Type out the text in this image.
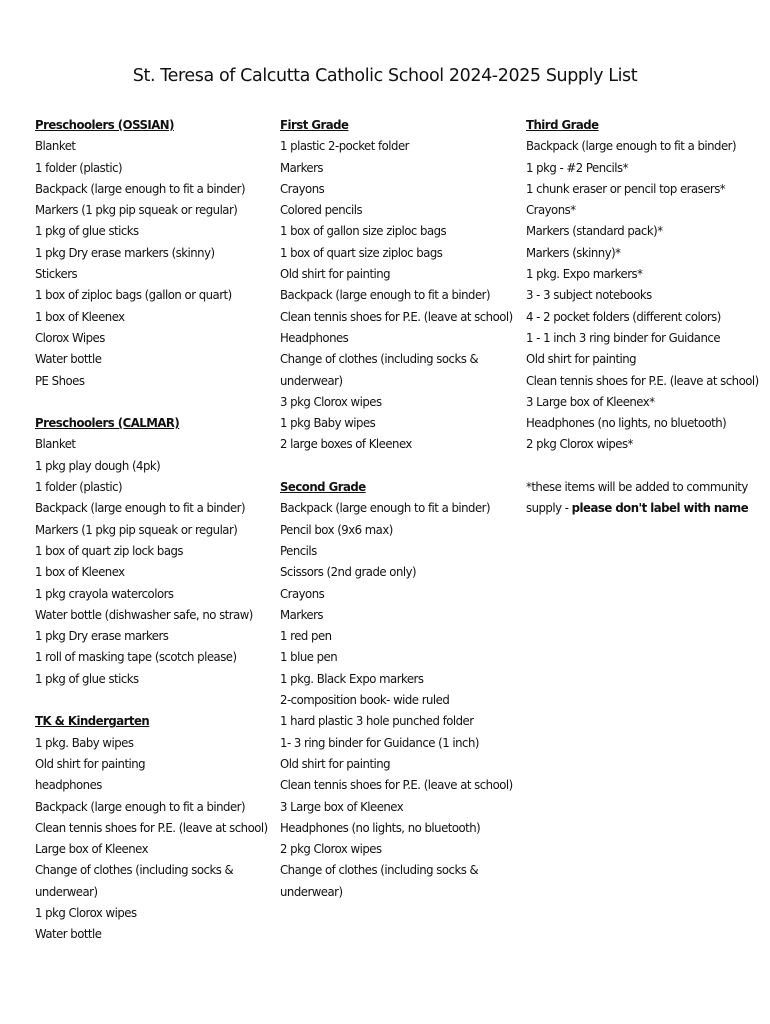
St. Teresa of Calcutta Catholic School 2024-2025 Supply List
Preschoolers (OSSIAN)
Blanket
1 folder (plastic)
Backpack (large enough to fit a binder)
Markers (1 pkg pip squeak or regular)
1 pkg of glue sticks
1 pkg Dry erase markers (skinny)
Stickers
1 box of ziploc bags (gallon or quart)
1 box of Kleenex
Clorox Wipes
Water bottle
PE Shoes
Preschoolers (CALMAR)
Blanket
1 pkg play dough (4pk)
1 folder (plastic)
Backpack (large enough to fit a binder)
Markers (1 pkg pip squeak or regular)
1 box of quart zip lock bags
1 box of Kleenex
1 pkg crayola watercolors
Water bottle (dishwasher safe, no straw)
1 pkg Dry erase markers
1 roll of masking tape (scotch please)
1 pkg of glue sticks
TK & Kindergarten
1 pkg. Baby wipes
Old shirt for painting
headphones
Backpack (large enough to fit a binder)
Clean tennis shoes for P.E. (leave at school)
Large box of Kleenex
Change of clothes (including socks &
underwear)
1 pkg Clorox wipes
Water bottle
First Grade
1 plastic 2-pocket folder
Markers
Crayons
Colored pencils
1 box of gallon size ziploc bags
1 box of quart size ziploc bags
Old shirt for painting
Backpack (large enough to fit a binder)
Clean tennis shoes for P.E. (leave at school)
Headphones
Change of clothes (including socks &
underwear)
3 pkg Clorox wipes
1 pkg Baby wipes
2 large boxes of Kleenex
Second Grade
Backpack (large enough to fit a binder)
Pencil box (9x6 max)
Pencils
Scissors (2nd grade only)
Crayons
Markers
1 red pen
1 blue pen
1 pkg. Black Expo markers
2-composition book- wide ruled
1 hard plastic 3 hole punched folder
1- 3 ring binder for Guidance (1 inch)
Old shirt for painting
Clean tennis shoes for P.E. (leave at school)
3 Large box of Kleenex
Headphones (no lights, no bluetooth)
2 pkg Clorox wipes
Change of clothes (including socks &
underwear)
Third Grade
Backpack (large enough to fit a binder)
1 pkg - #2 Pencils*
1 chunk eraser or pencil top erasers*
Crayons*
Markers (standard pack)*
Markers (skinny)*
1 pkg. Expo markers*
3 - 3 subject notebooks
4 - 2 pocket folders (different colors)
1 - 1 inch 3 ring binder for Guidance
Old shirt for painting
Clean tennis shoes for P.E. (leave at school)
3 Large box of Kleenex*
Headphones (no lights, no bluetooth)
2 pkg Clorox wipes*
*these items will be added to community
supply - please don't label with name
